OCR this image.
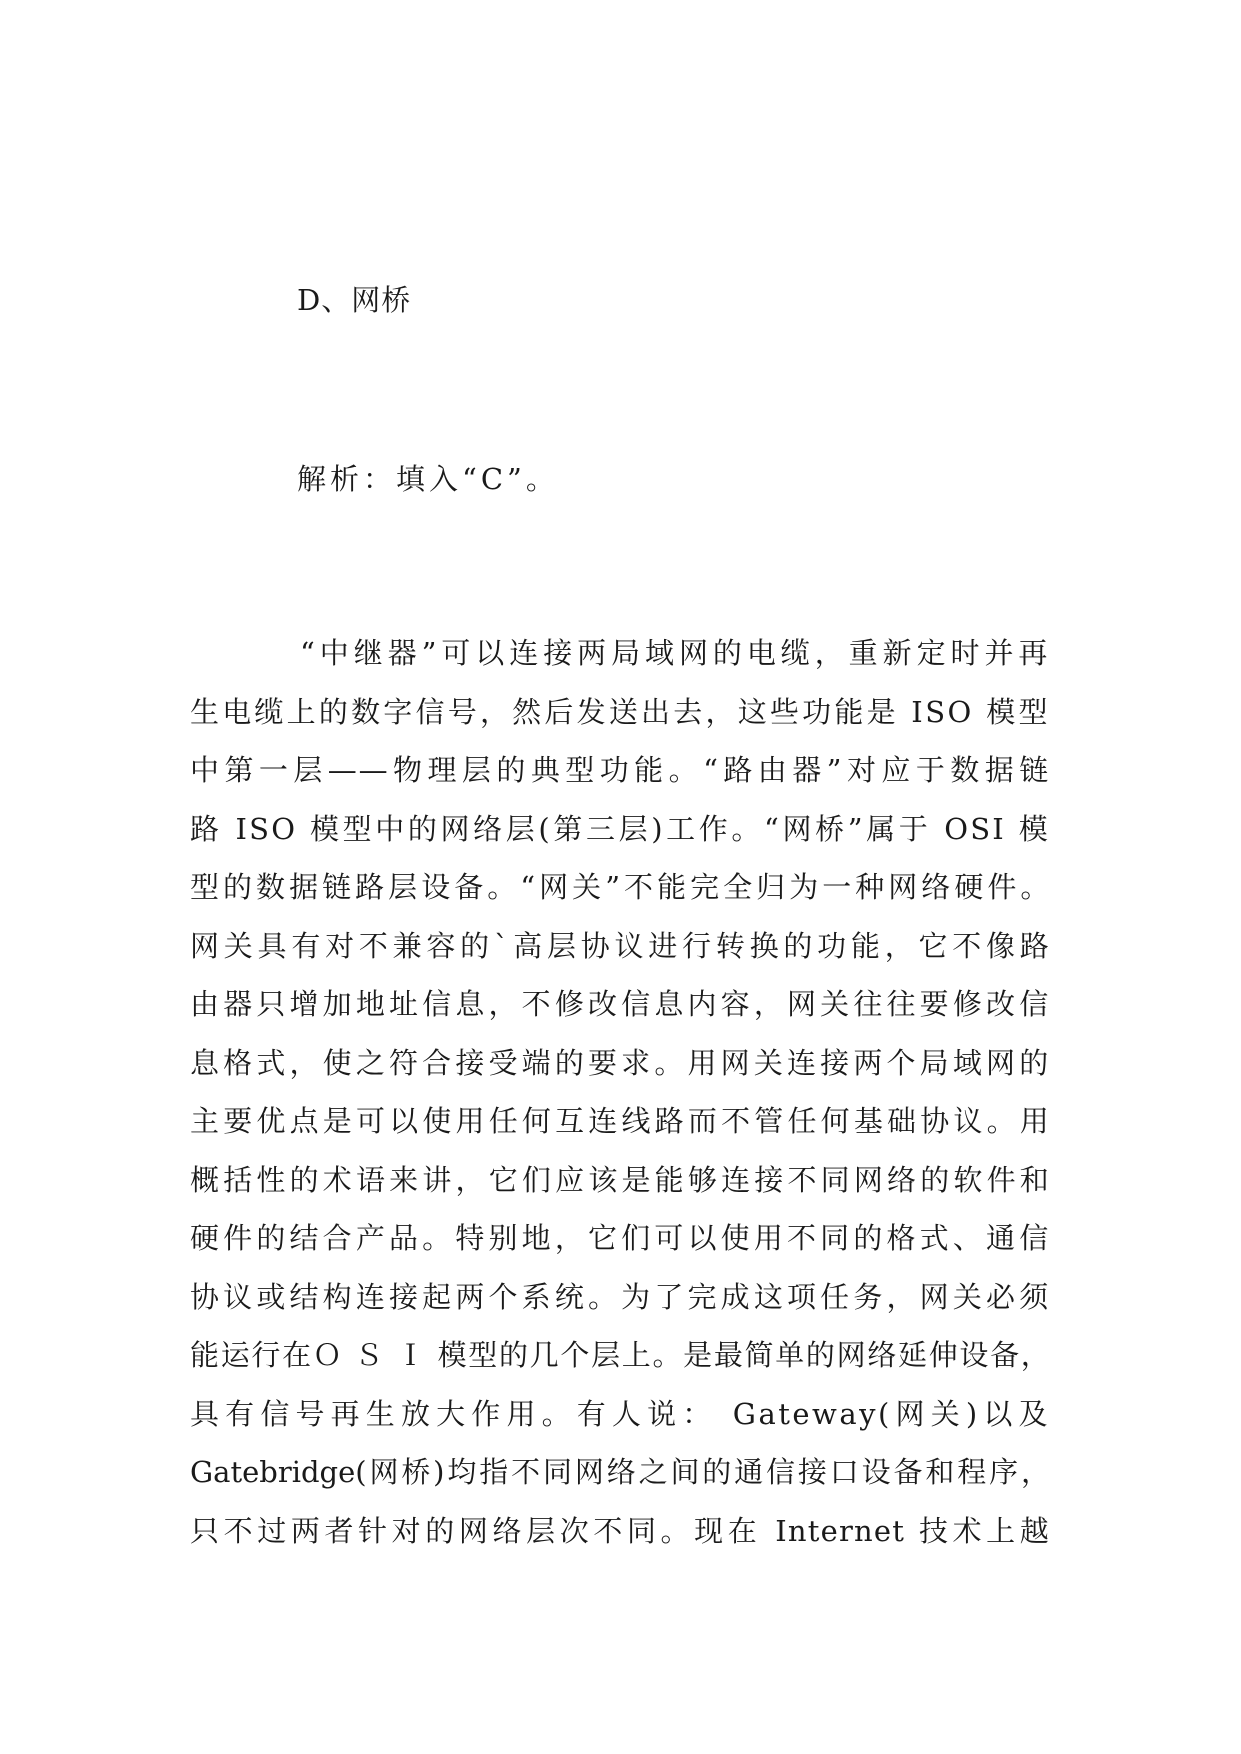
D、网桥
解析：填入“C”。
“中继器”可以连接两局域网的电缆，重新定时并再
生电缆上的数字信号，然后发送出去，这些功能是 ISO 模型
中第一层——物理层的典型功能。“路由器”对应于数据链
路 ISO 模型中的网络层(第三层)工作。“网桥”属于 OSI 模
型的数据链路层设备。“网关”不能完全归为一种网络硬件。
网关具有对不兼容的`高层协议进行转换的功能，它不像路
由器只增加地址信息，不修改信息内容，网关往往要修改信
息格式，使之符合接受端的要求。用网关连接两个局域网的
主要优点是可以使用任何互连线路而不管任何基础协议。用
概括性的术语来讲，它们应该是能够连接不同网络的软件和
硬件的结合产品。特别地，它们可以使用不同的格式、通信
协议或结构连接起两个系统。为了完成这项任务，网关必须
能运行在Ｏ Ｓ Ｉ 模型的几个层上。是最简单的网络延伸设备，
具有信号再生放大作用。有人说： Gateway(网关)以及
Gatebridge(网桥)均指不同网络之间的通信接口设备和程序，
只不过两者针对的网络层次不同。现在 Internet 技术上越
